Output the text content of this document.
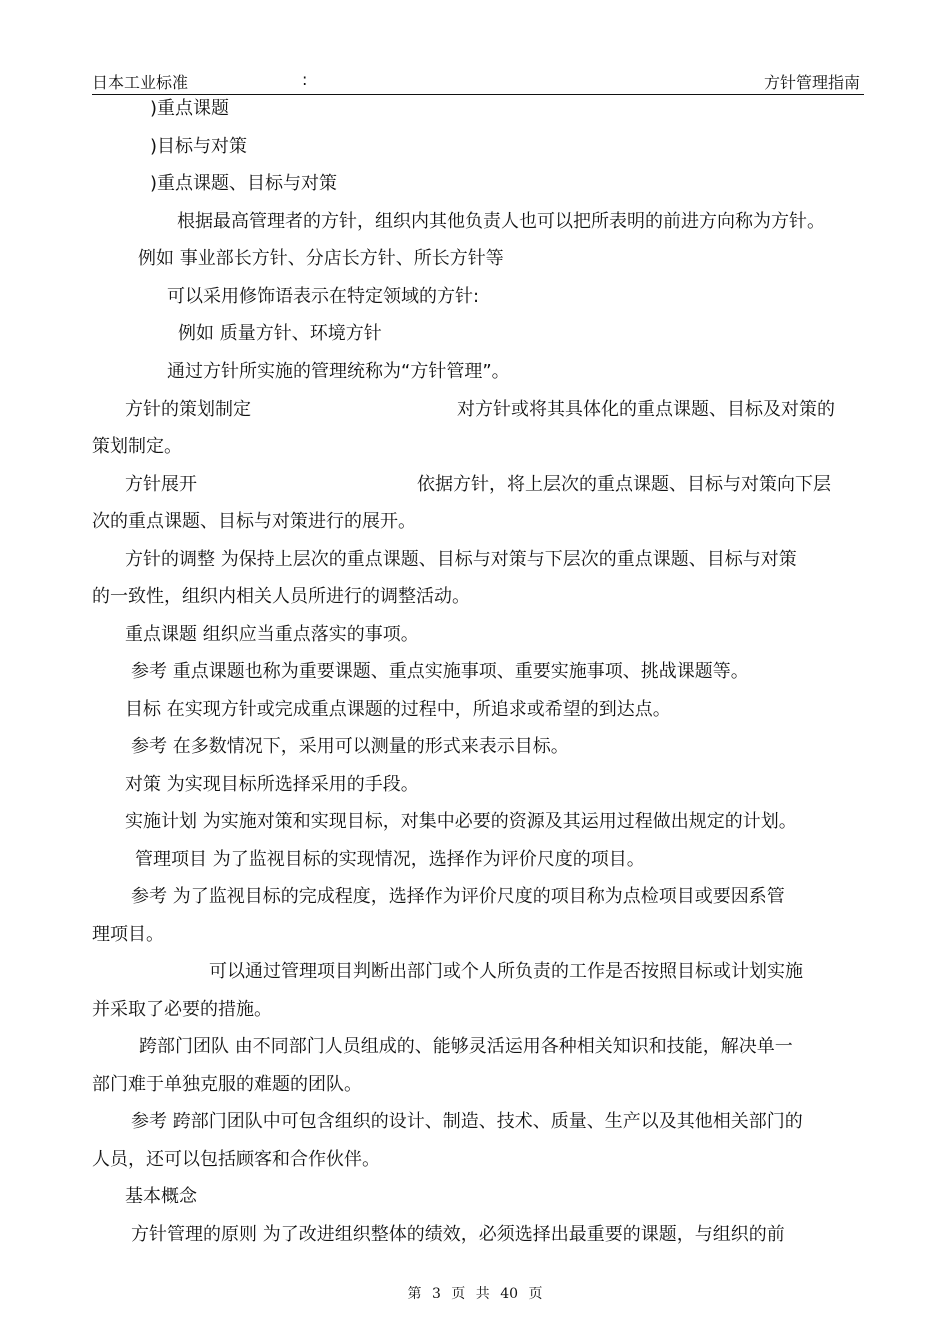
日本工业标准	:	方针管理指南
)重点课题
)目标与对策
)重点课题、目标与对策
根据最高管理者的方针，组织内其他负责人也可以把所表明的前进方向称为方针。
例如 事业部长方针、分店长方针、所长方针等
可以采用修饰语表示在特定领域的方针:
例如 质量方针、环境方针
通过方针所实施的管理统称为“方针管理”。
方针的策划制定	对方针或将其具体化的重点课题、目标及对策的
策划制定。
方针展开	依据方针，将上层次的重点课题、目标与对策向下层
次的重点课题、目标与对策进行的展开。
方针的调整 为保持上层次的重点课题、目标与对策与下层次的重点课题、目标与对策
的一致性，组织内相关人员所进行的调整活动。
重点课题 组织应当重点落实的事项。
参考 重点课题也称为重要课题、重点实施事项、重要实施事项、挑战课题等。
目标 在实现方针或完成重点课题的过程中，所追求或希望的到达点。
参考 在多数情况下，采用可以测量的形式来表示目标。
对策 为实现目标所选择采用的手段。
实施计划 为实施对策和实现目标，对集中必要的资源及其运用过程做出规定的计划。
管理项目 为了监视目标的实现情况，选择作为评价尺度的项目。
参考 为了监视目标的完成程度，选择作为评价尺度的项目称为点检项目或要因系管
理项目。
可以通过管理项目判断出部门或个人所负责的工作是否按照目标或计划实施
并采取了必要的措施。
跨部门团队 由不同部门人员组成的、能够灵活运用各种相关知识和技能，解决单一
部门难于单独克服的难题的团队。
参考 跨部门团队中可包含组织的设计、制造、技术、质量、生产以及其他相关部门的
人员，还可以包括顾客和合作伙伴。
基本概念
方针管理的原则 为了改进组织整体的绩效，必须选择出最重要的课题，与组织的前
第 3 页 共 40 页
